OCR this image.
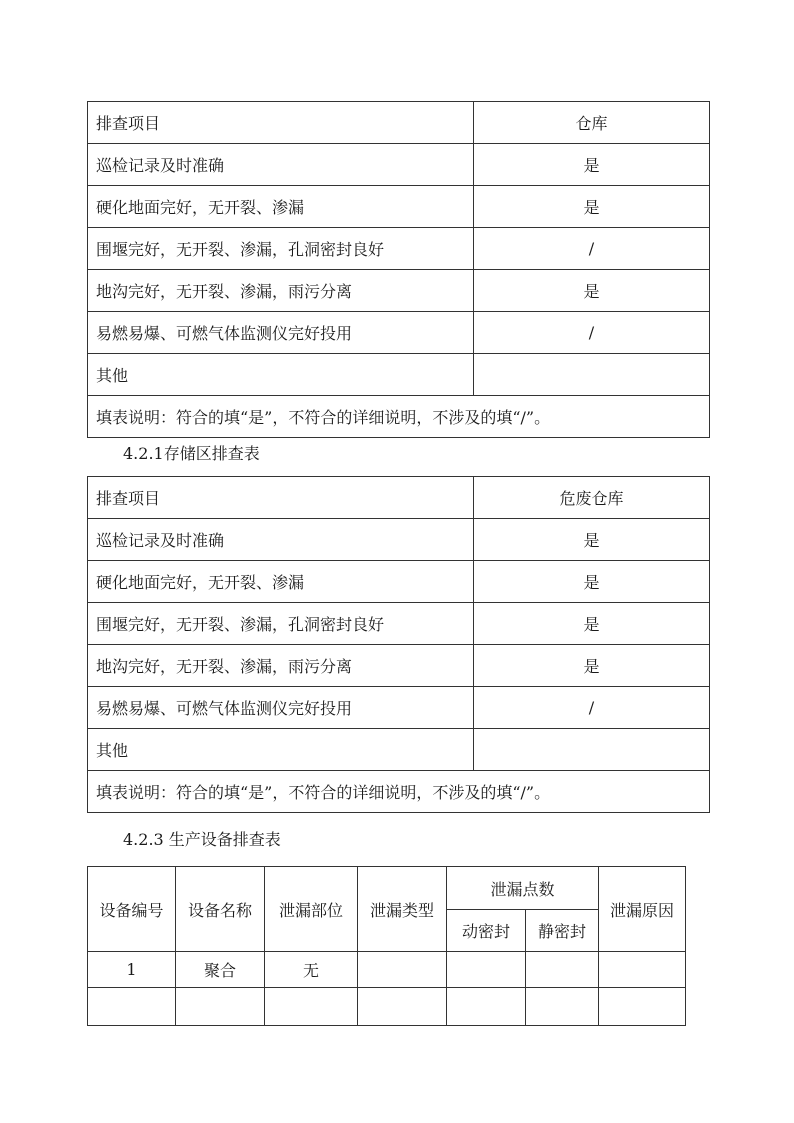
排查项目	仓库
巡检记录及时准确	是
硬化地面完好，无开裂、渗漏	是
围堰完好，无开裂、渗漏，孔洞密封良好	/
地沟完好，无开裂、渗漏，雨污分离	是
易燃易爆、可燃气体监测仪完好投用	/
其他	
填表说明：符合的填“是”，不符合的详细说明，不涉及的填“/”。	
4.2.1存储区排查表
排查项目	危废仓库
巡检记录及时准确	是
硬化地面完好，无开裂、渗漏	是
围堰完好，无开裂、渗漏，孔洞密封良好	是
地沟完好，无开裂、渗漏，雨污分离	是
易燃易爆、可燃气体监测仪完好投用	/
其他	
填表说明：符合的填“是”，不符合的详细说明，不涉及的填“/”。	
4.2.3 生产设备排查表
设备编号	设备名称	泄漏部位	泄漏类型	泄漏点数		泄漏原因
				动密封	静密封	
1	聚合	无				
